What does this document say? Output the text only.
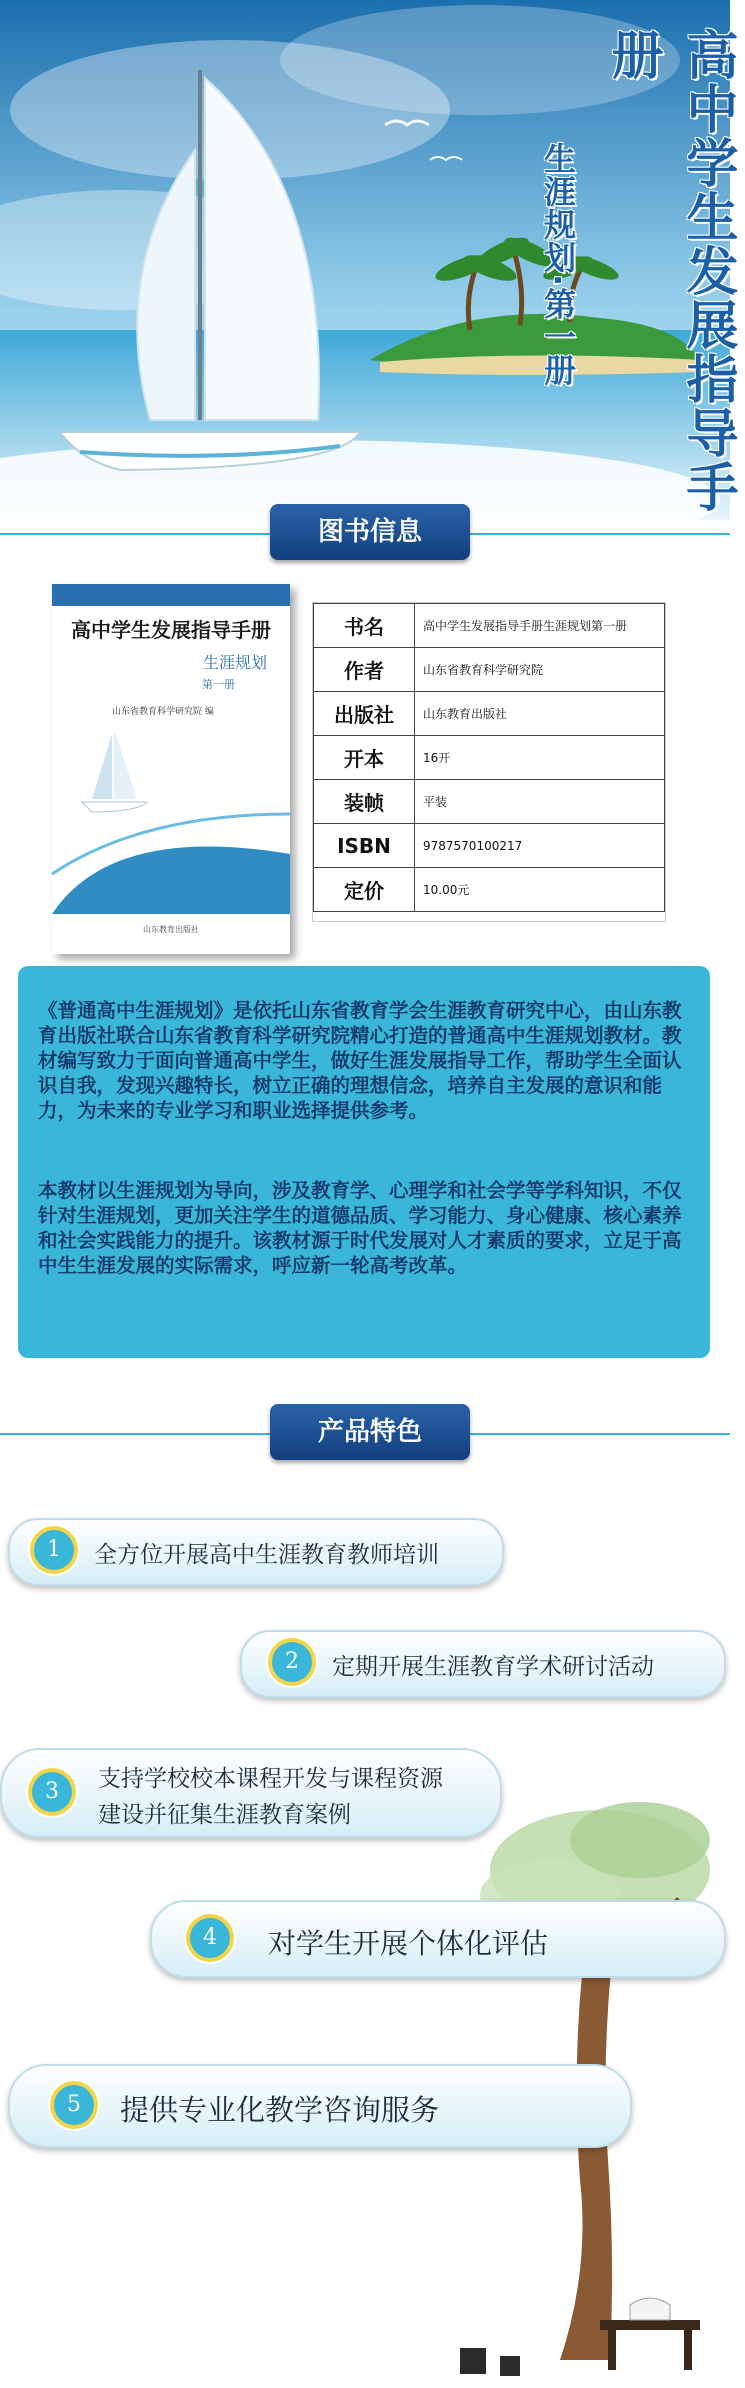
高中学生发展指导手册
生涯规划·第一册
图书信息
高中学生发展指导手册
生涯规划
第一册
山东省教育科学研究院 编
山东教育出版社
书名	高中学生发展指导手册生涯规划第一册
作者	山东省教育科学研究院
出版社	山东教育出版社
开本	16开
装帧	平装
ISBN	9787570100217
定价	10.00元

《普通高中生涯规划》是依托山东省教育学会生涯教育研究中心，由山东教育出版社联合山东省教育科学研究院精心打造的普通高中生涯规划教材。教材编写致力于面向普通高中学生，做好生涯发展指导工作，帮助学生全面认识自我，发现兴趣特长，树立正确的理想信念，培养自主发展的意识和能力，为未来的专业学习和职业选择提供参考。

本教材以生涯规划为导向，涉及教育学、心理学和社会学等学科知识，不仅针对生涯规划，更加关注学生的道德品质、学习能力、身心健康、核心素养和社会实践能力的提升。该教材源于时代发展对人才素质的要求，立足于高中生生涯发展的实际需求，呼应新一轮高考改革。

产品特色
1	全方位开展高中生涯教育教师培训
2	定期开展生涯教育学术研讨活动
3	支持学校校本课程开发与课程资源
建设并征集生涯教育案例
4	对学生开展个体化评估
5	提供专业化教学咨询服务
